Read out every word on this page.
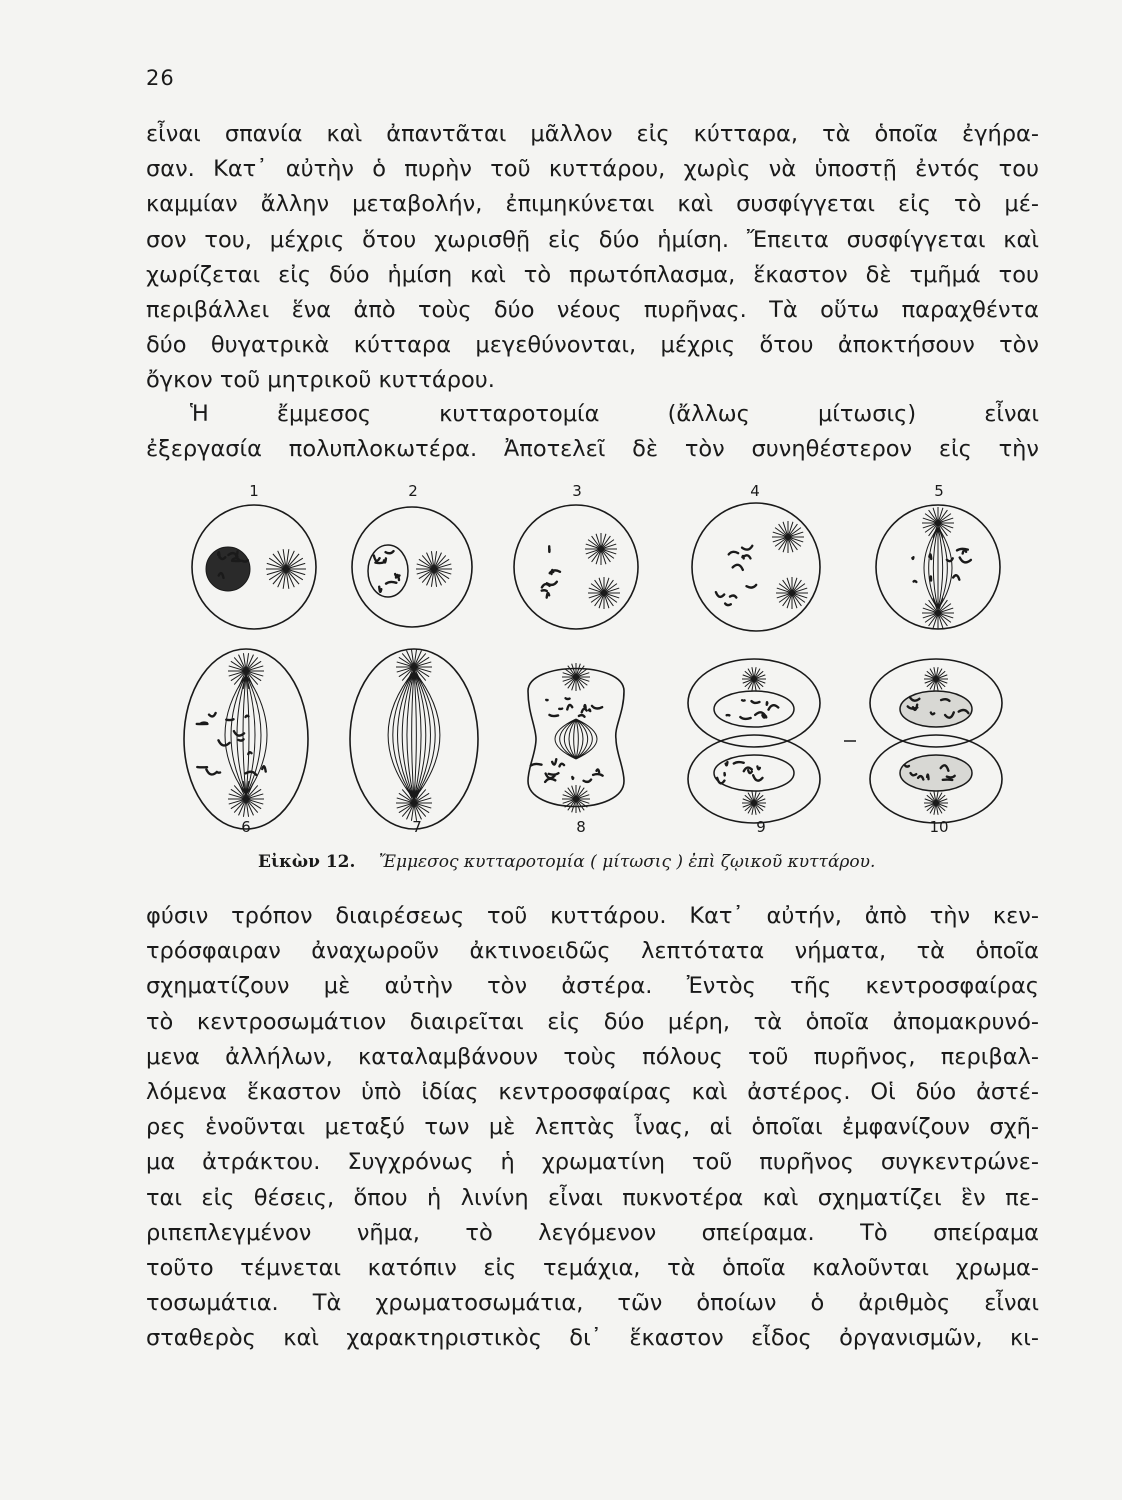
26
εἶναι σπανία καὶ ἀπαντᾶται μᾶλλον εἰς κύτταρα, τὰ ὁποῖα ἐγήρα-
σαν. Κατ᾽ αὐτὴν ὁ πυρὴν τοῦ κυττάρου, χωρὶς νὰ ὑποστῇ ἐντός του
καμμίαν ἄλλην μεταβολήν, ἐπιμηκύνεται καὶ συσφίγγεται εἰς τὸ μέ-
σον του, μέχρις ὅτου χωρισθῇ εἰς δύο ἡμίση. Ἔπειτα συσφίγγεται καὶ
χωρίζεται εἰς δύο ἡμίση καὶ τὸ πρωτόπλασμα, ἕκαστον δὲ τμῆμά του
περιβάλλει ἕνα ἀπὸ τοὺς δύο νέους πυρῆνας. Τὰ οὕτω παραχθέντα
δύο θυγατρικὰ κύτταρα μεγεθύνονται, μέχρις ὅτου ἀποκτήσουν τὸν
ὄγκον τοῦ μητρικοῦ κυττάρου.
Ἡ ἔμμεσος κυτταροτομία (ἄλλως μίτωσις) εἶναι
ἐξεργασία πολυπλοκωτέρα. Ἀποτελεῖ δὲ τὸν συνηθέστερον εἰς τὴν
1	2	3	4	5
6	7	8	9	10
Εἰκὼν 12. Ἔμμεσος κυτταροτομία ( μίτωσις ) ἐπὶ ζῳικοῦ κυττάρου.
φύσιν τρόπον διαιρέσεως τοῦ κυττάρου. Κατ᾽ αὐτήν, ἀπὸ τὴν κεν-
τρόσφαιραν ἀναχωροῦν ἀκτινοειδῶς λεπτότατα νήματα, τὰ ὁποῖα
σχηματίζουν μὲ αὐτὴν τὸν ἀστέρα. Ἐντὸς τῆς κεντροσφαίρας
τὸ κεντροσωμάτιον διαιρεῖται εἰς δύο μέρη, τὰ ὁποῖα ἀπομακρυνό-
μενα ἀλλήλων, καταλαμβάνουν τοὺς πόλους τοῦ πυρῆνος, περιβαλ-
λόμενα ἕκαστον ὑπὸ ἰδίας κεντροσφαίρας καὶ ἀστέρος. Οἱ δύο ἀστέ-
ρες ἑνοῦνται μεταξύ των μὲ λεπτὰς ἶνας, αἱ ὁποῖαι ἐμφανίζουν σχῆ-
μα ἀτράκτου. Συγχρόνως ἡ χρωματίνη τοῦ πυρῆνος συγκεντρώνε-
ται εἰς θέσεις, ὅπου ἡ λινίνη εἶναι πυκνοτέρα καὶ σχηματίζει ἓν πε-
ριπεπλεγμένον νῆμα, τὸ λεγόμενον σπείραμα. Τὸ σπείραμα
τοῦτο τέμνεται κατόπιν εἰς τεμάχια, τὰ ὁποῖα καλοῦνται χρωμα-
τοσωμάτια. Τὰ χρωματοσωμάτια, τῶν ὁποίων ὁ ἀριθμὸς εἶναι
σταθερὸς καὶ χαρακτηριστικὸς δι᾽ ἕκαστον εἶδος ὀργανισμῶν, κι-
